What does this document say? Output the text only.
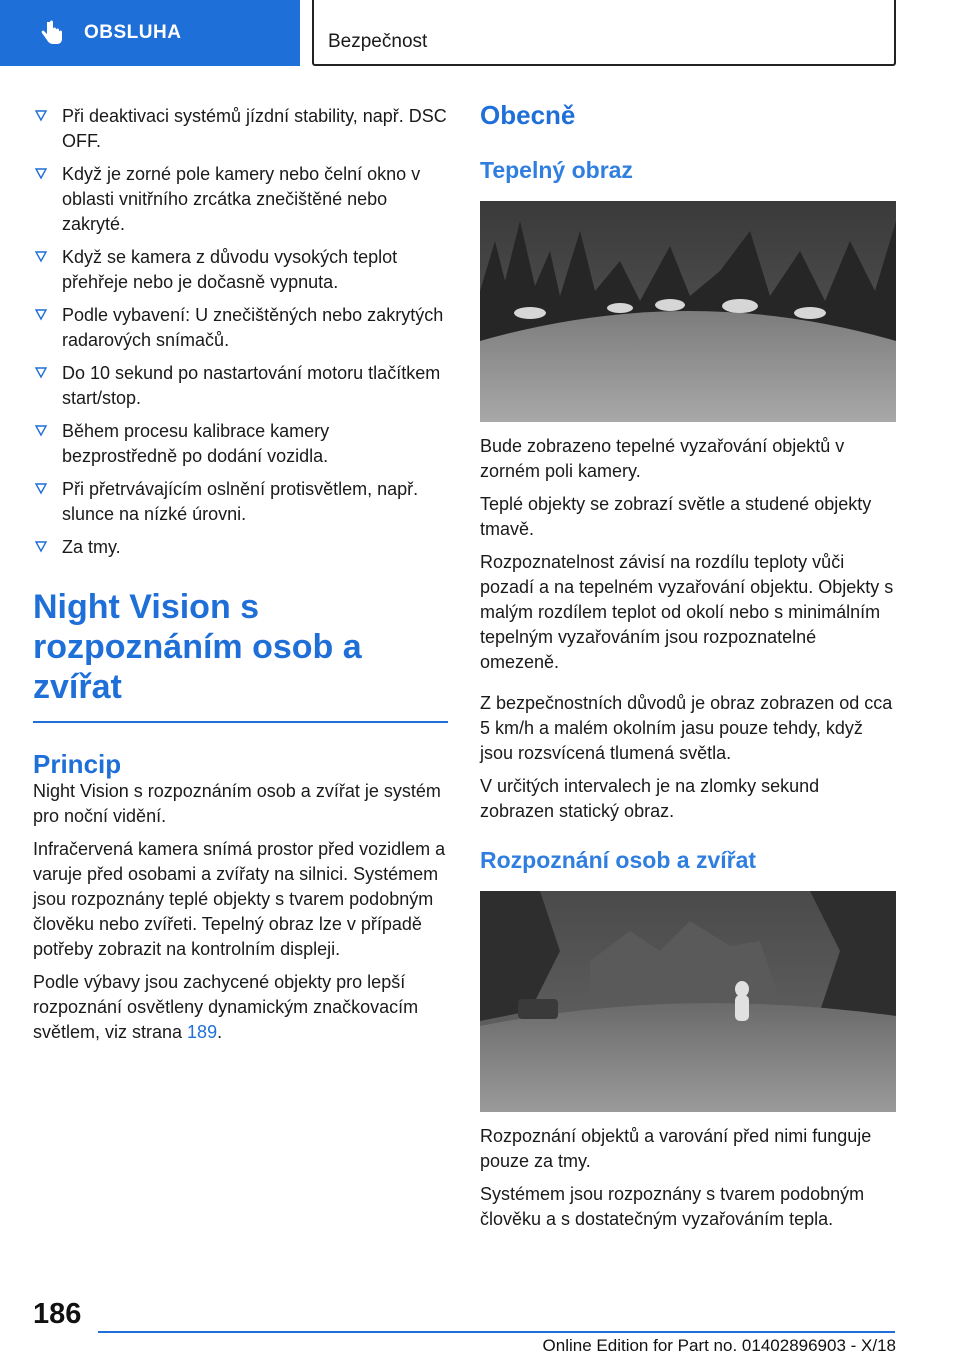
OBSLUHA	Bezpečnost
Při deaktivaci systémů jízdní stability, např. DSC OFF.
Když je zorné pole kamery nebo čelní okno v oblasti vnitřního zrcátka znečištěné nebo zakryté.
Když se kamera z důvodu vysokých teplot přehřeje nebo je dočasně vypnuta.
Podle vybavení: U znečištěných nebo zakrytých radarových snímačů.
Do 10 sekund po nastartování motoru tlačítkem start/stop.
Během procesu kalibrace kamery bezprostředně po dodání vozidla.
Při přetrvávajícím oslnění protisvětlem, např. slunce na nízké úrovni.
Za tmy.
Night Vision s rozpoznáním osob a zvířat
Princip

Night Vision s rozpoznáním osob a zvířat je systém pro noční vidění.

Infračervená kamera snímá prostor před vozidlem a varuje před osobami a zvířaty na silnici. Systémem jsou rozpoznány teplé objekty s tvarem podobným člověku nebo zvířeti. Tepelný obraz lze v případě potřeby zobrazit na kontrolním displeji.

Podle výbavy jsou zachycené objekty pro lepší rozpoznání osvětleny dynamickým značkovacím světlem, viz strana 189.

Obecně
Tepelný obraz

Bude zobrazeno tepelné vyzařování objektů v zorném poli kamery.

Teplé objekty se zobrazí světle a studené objekty tmavě.

Rozpoznatelnost závisí na rozdílu teploty vůči pozadí a na tepelném vyzařování objektu. Objekty s malým rozdílem teplot od okolí nebo s minimálním tepelným vyzařováním jsou rozpoznatelné omezeně.

Z bezpečnostních důvodů je obraz zobrazen od cca 5 km/h a malém okolním jasu pouze tehdy, když jsou rozsvícená tlumená světla.

V určitých intervalech je na zlomky sekund zobrazen statický obraz.

Rozpoznání osob a zvířat

Rozpoznání objektů a varování před nimi funguje pouze za tmy.

Systémem jsou rozpoznány s tvarem podobným člověku a s dostatečným vyzařováním tepla.

186
Online Edition for Part no. 01402896903 - X/18
